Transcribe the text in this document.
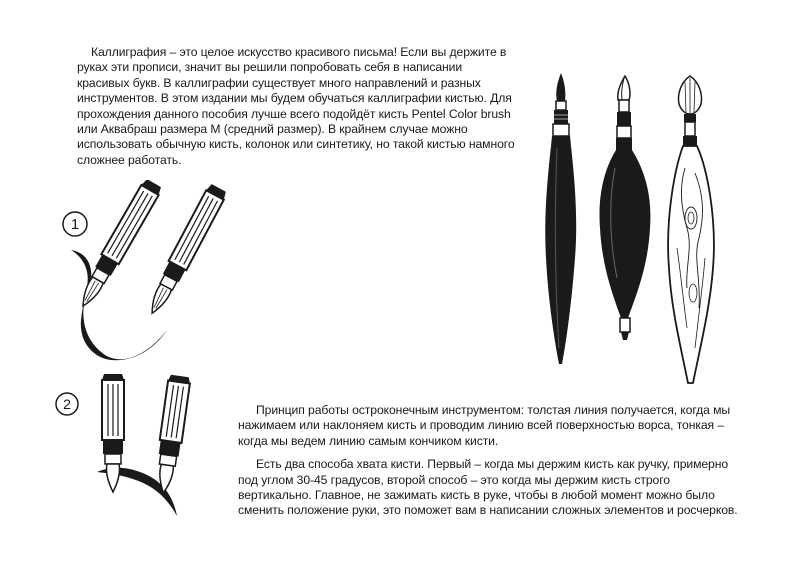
Каллиграфия – это целое искусство красивого письма! Если вы держите в руках эти прописи, значит вы решили попробовать себя в написании красивых букв. В каллиграфии существует много направлений и разных инструментов. В этом издании мы будем обучаться каллиграфии кистью. Для прохождения данного пособия лучше всего подойдёт кисть Pentel Color brush или Аквабраш размера М (средний размер). В крайнем случае можно использовать обычную кисть, колонок или синтетику, но такой кистью намного сложнее работать.

1
2	Принцип работы остроконечным инструментом: толстая линия получается, когда мы нажимаем или наклоняем кисть и проводим линию всей поверхностью ворса, тонкая – когда мы ведем линию самым кончиком кисти.

Есть два способа хвата кисти. Первый – когда мы держим кисть как ручку, примерно под углом 30-45 градусов, второй способ – это когда мы держим кисть строго вертикально. Главное, не зажимать кисть в руке, чтобы в любой момент можно было сменить положение руки, это поможет вам в написании сложных элементов и росчерков.
